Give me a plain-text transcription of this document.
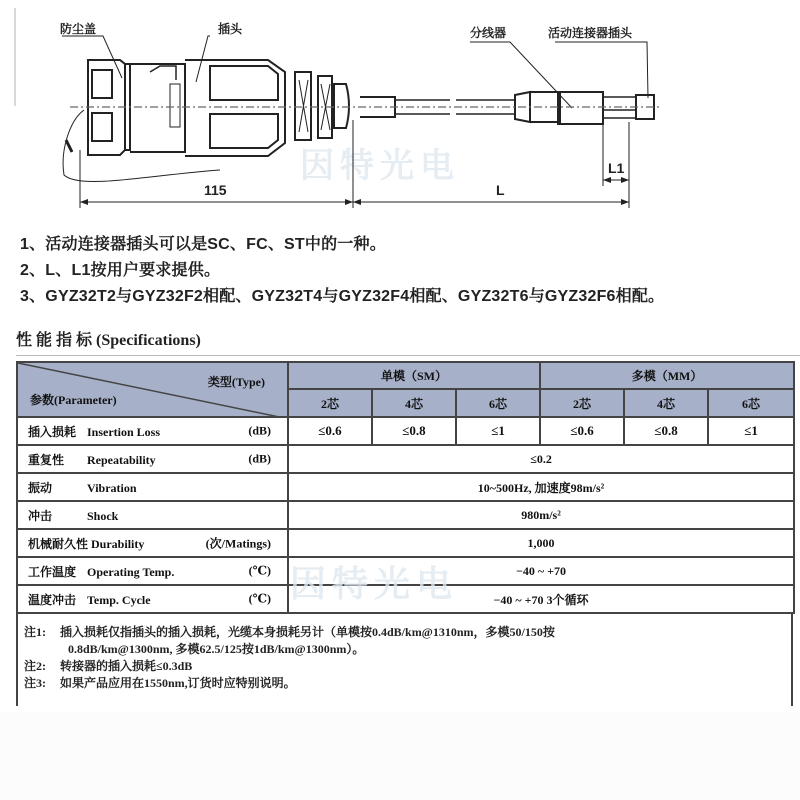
因特光电
防尘盖	插头	分线器	活动连接器插头
115	L
L1
1、活动连接器插头可以是SC、FC、ST中的一种。
2、L、L1按用户要求提供。
3、GYZ32T2与GYZ32F2相配、GYZ32T4与GYZ32F4相配、GYZ32T6与GYZ32F6相配。
性 能 指 标 (Specifications)
类型(Type)
参数(Parameter)	单模（SM）			多模（MM）		
	2芯	4芯	6芯	2芯	4芯	6芯
插入损耗 Insertion Loss (dB)	≤0.6	≤0.8	≤1	≤0.6	≤0.8	≤1
重复性 Repeatability (dB)	≤0.2					
振动 Vibration	10~500Hz, 加速度98m/s²					
冲击 Shock	980m/s²					
机械耐久性 Durability (次/Matings)	1,000					
工作温度 Operating Temp. (℃)	−40 ~ +70					
温度冲击 Temp. Cycle (℃)	−40 ~ +70 3个循环					
因特光电
注1: 插入损耗仅指插头的插入损耗，光缆本身损耗另计（单模按0.4dB/km@1310nm，多模50/150按
0.8dB/km@1300nm, 多模62.5/125按1dB/km@1300nm）。
注2: 转接器的插入损耗≤0.3dB
注3: 如果产品应用在1550nm,订货时应特别说明。
